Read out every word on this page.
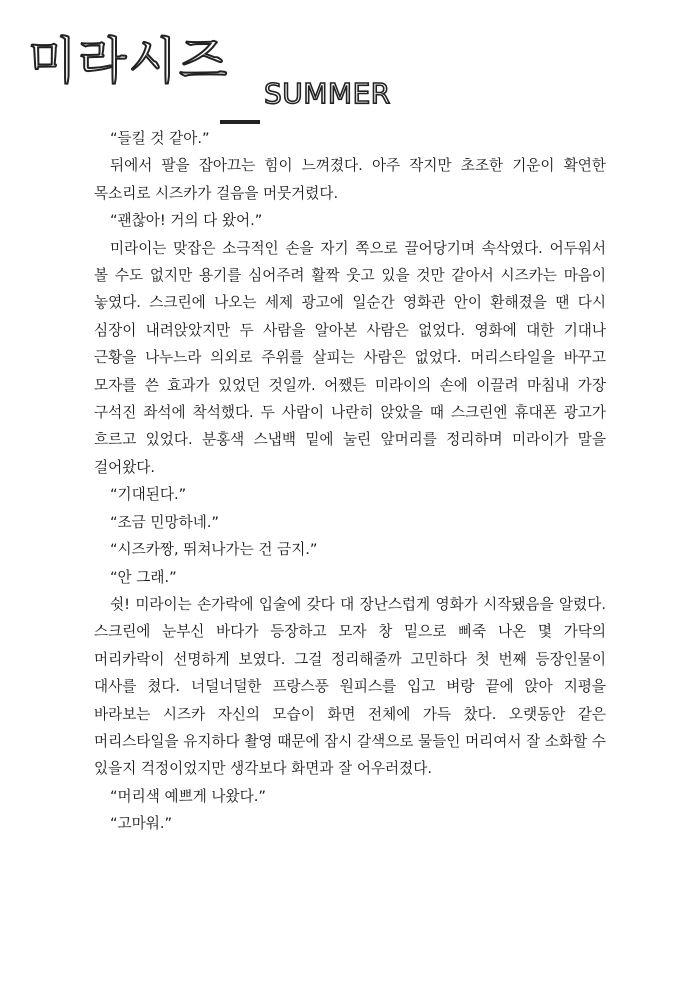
미라시즈
SUMMER

“들킬 것 같아.”

뒤에서 팔을 잡아끄는 힘이 느껴졌다. 아주 작지만 초조한 기운이 확연한 목소리로 시즈카가 걸음을 머뭇거렸다.

“괜찮아! 거의 다 왔어.”

미라이는 맞잡은 소극적인 손을 자기 쪽으로 끌어당기며 속삭였다. 어두워서 볼 수도 없지만 용기를 심어주려 활짝 웃고 있을 것만 같아서 시즈카는 마음이 놓였다. 스크린에 나오는 세제 광고에 일순간 영화관 안이 환해졌을 땐 다시 심장이 내려앉았지만 두 사람을 알아본 사람은 없었다. 영화에 대한 기대나 근황을 나누느라 의외로 주위를 살피는 사람은 없었다. 머리스타일을 바꾸고 모자를 쓴 효과가 있었던 것일까. 어쨌든 미라이의 손에 이끌려 마침내 가장 구석진 좌석에 착석했다. 두 사람이 나란히 앉았을 때 스크린엔 휴대폰 광고가 흐르고 있었다. 분홍색 스냅백 밑에 눌린 앞머리를 정리하며 미라이가 말을 걸어왔다.

“기대된다.”

“조금 민망하네.”

“시즈카짱, 뛰쳐나가는 건 금지.”

“안 그래.”

쉿! 미라이는 손가락에 입술에 갖다 대 장난스럽게 영화가 시작됐음을 알렸다. 스크린에 눈부신 바다가 등장하고 모자 창 밑으로 삐죽 나온 몇 가닥의 머리카락이 선명하게 보였다. 그걸 정리해줄까 고민하다 첫 번째 등장인물이 대사를 쳤다. 너덜너덜한 프랑스풍 원피스를 입고 벼랑 끝에 앉아 지평을 바라보는 시즈카 자신의 모습이 화면 전체에 가득 찼다. 오랫동안 같은 머리스타일을 유지하다 촬영 때문에 잠시 갈색으로 물들인 머리여서 잘 소화할 수 있을지 걱정이었지만 생각보다 화면과 잘 어우러졌다.

“머리색 예쁘게 나왔다.”

“고마워.”
